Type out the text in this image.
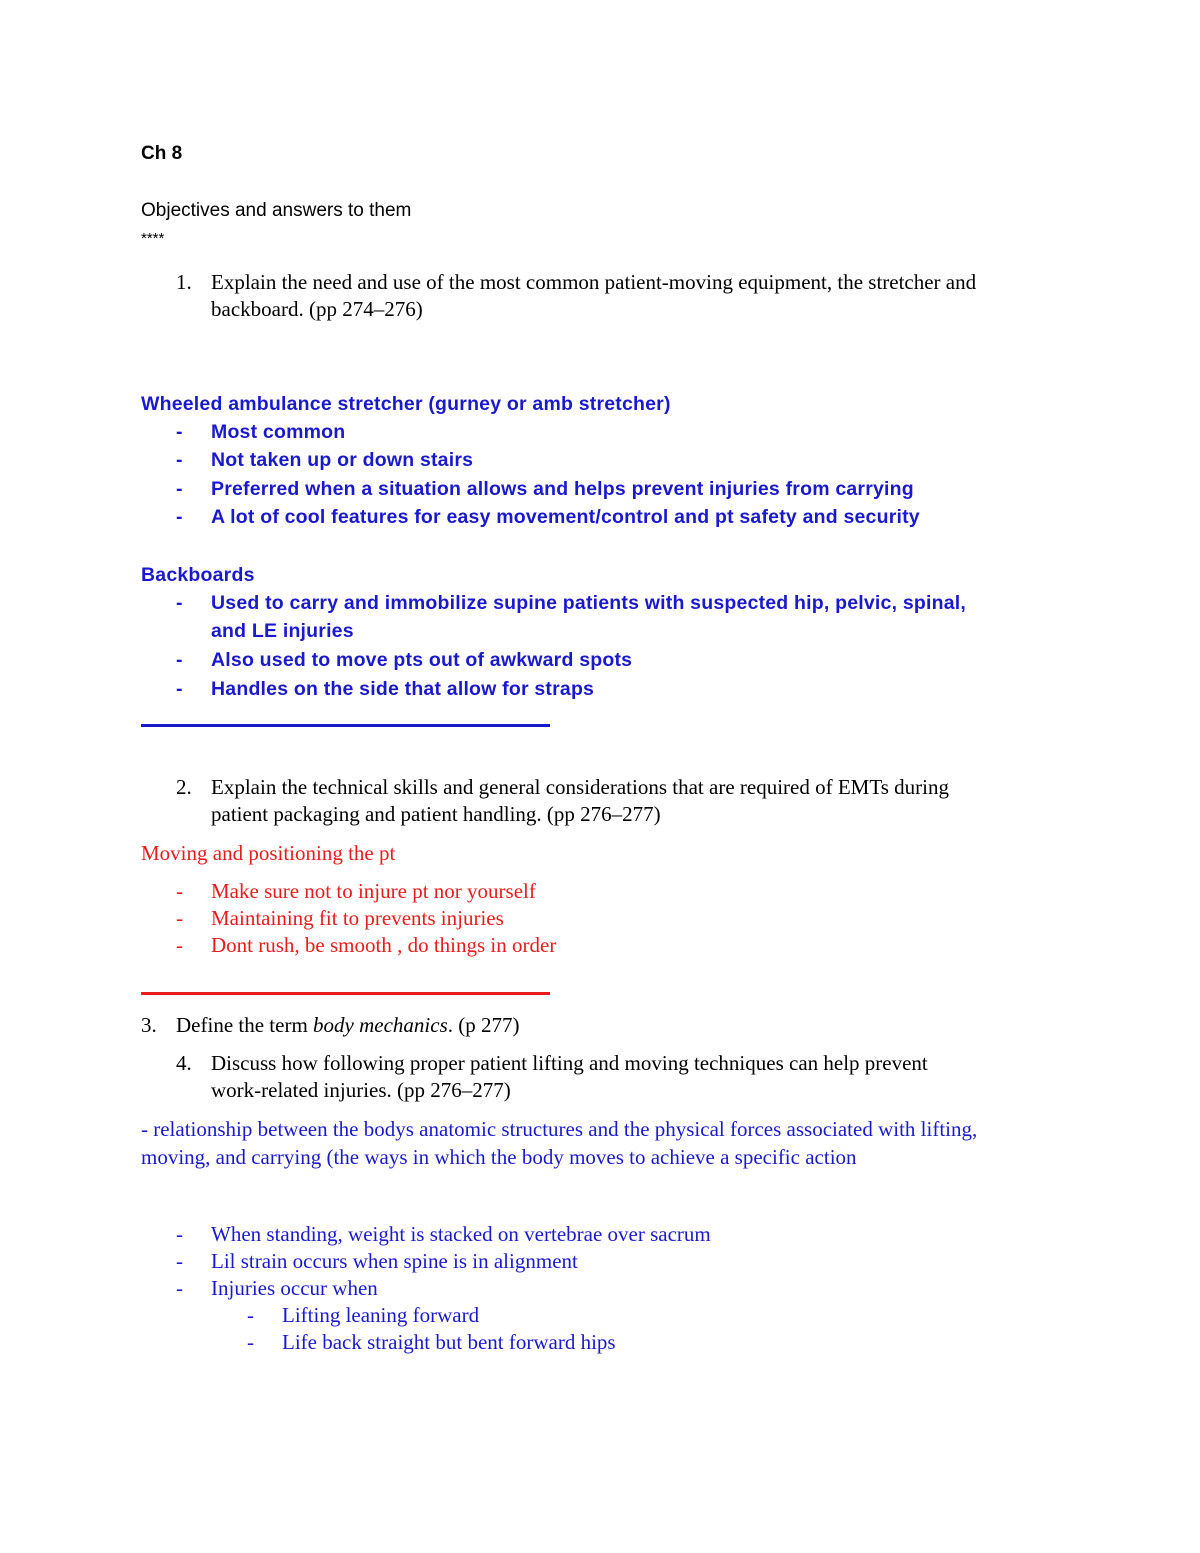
Ch 8
Objectives and answers to them
****
1. Explain the need and use of the most common patient-moving equipment, the stretcher and
backboard. (pp 274–276)
Wheeled ambulance stretcher (gurney or amb stretcher)
- Most common
- Not taken up or down stairs
- Preferred when a situation allows and helps prevent injuries from carrying
- A lot of cool features for easy movement/control and pt safety and security
Backboards
- Used to carry and immobilize supine patients with suspected hip, pelvic, spinal,
and LE injuries
- Also used to move pts out of awkward spots
- Handles on the side that allow for straps
2. Explain the technical skills and general considerations that are required of EMTs during
patient packaging and patient handling. (pp 276–277)
Moving and positioning the pt
- Make sure not to injure pt nor yourself
- Maintaining fit to prevents injuries
- Dont rush, be smooth , do things in order
3. Define the term body mechanics. (p 277)
4. Discuss how following proper patient lifting and moving techniques can help prevent
work-related injuries. (pp 276–277)
- relationship between the bodys anatomic structures and the physical forces associated with lifting,
moving, and carrying (the ways in which the body moves to achieve a specific action
- When standing, weight is stacked on vertebrae over sacrum
- Lil strain occurs when spine is in alignment
- Injuries occur when
- Lifting leaning forward
- Life back straight but bent forward hips
